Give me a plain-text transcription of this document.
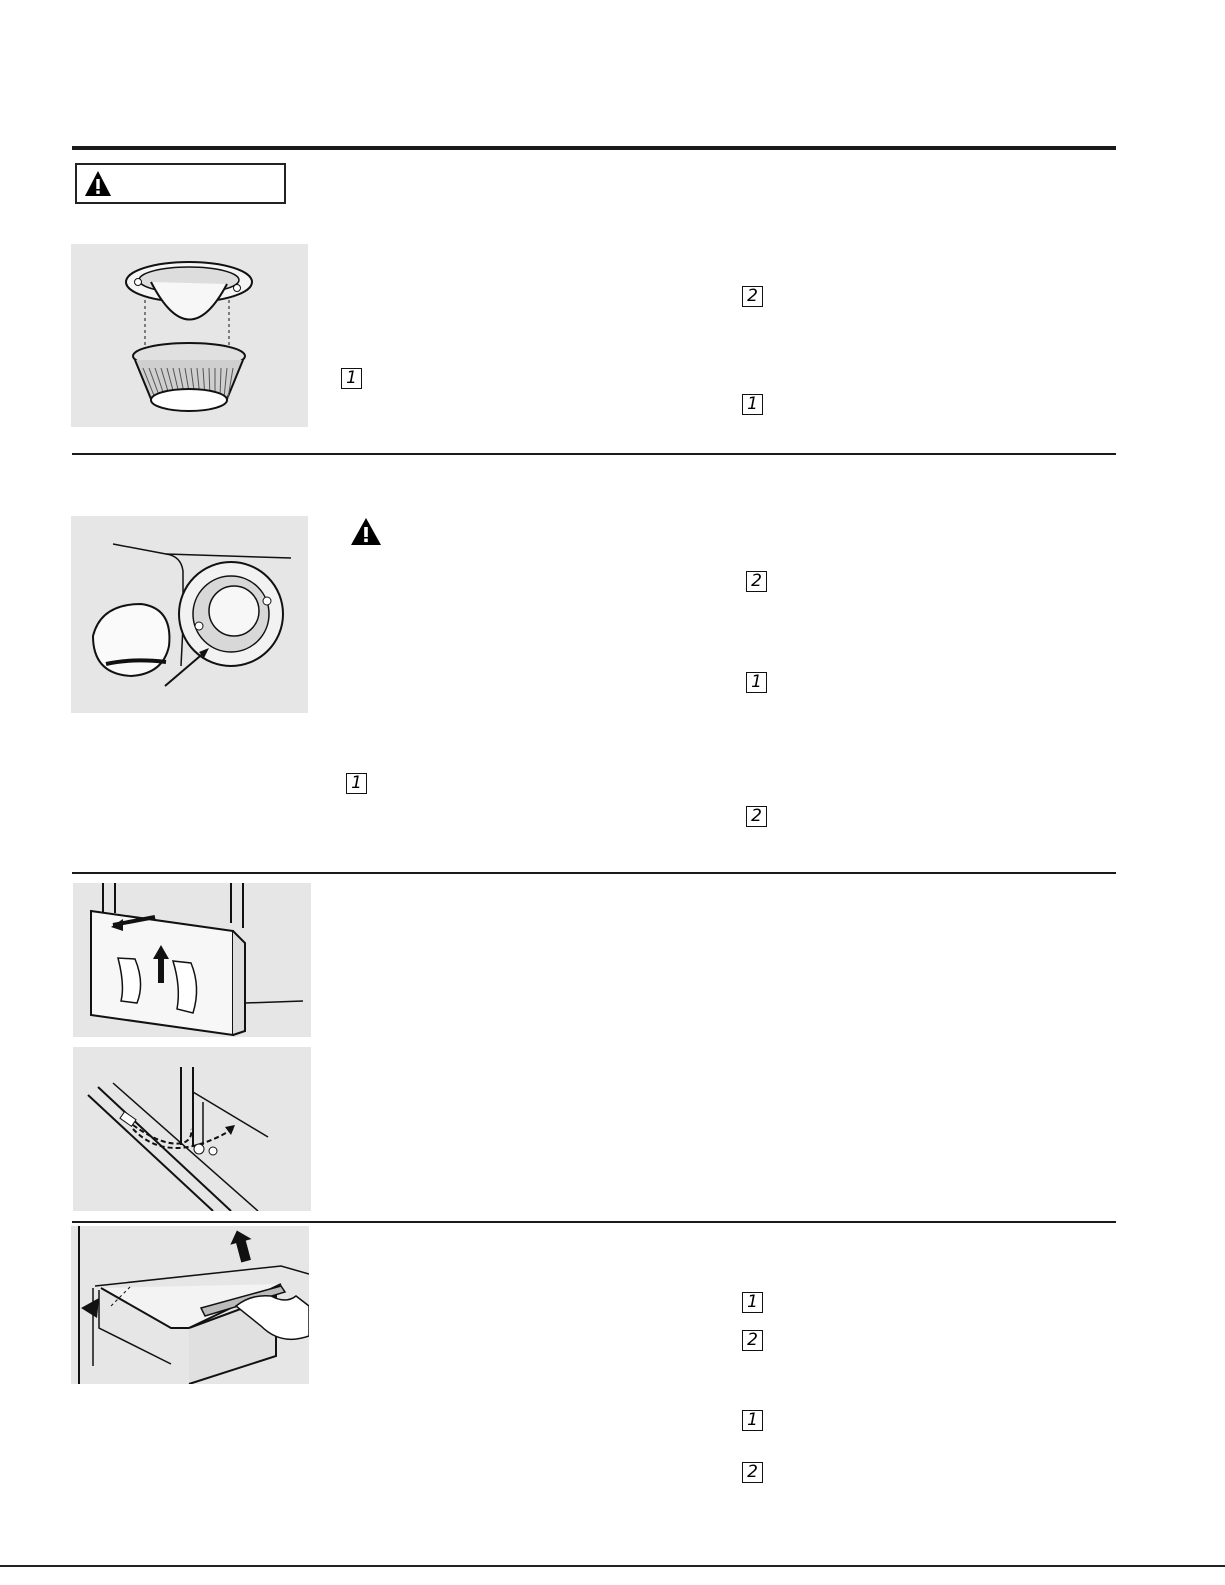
1
2
1
2
1
1
2
1
2
1
2
